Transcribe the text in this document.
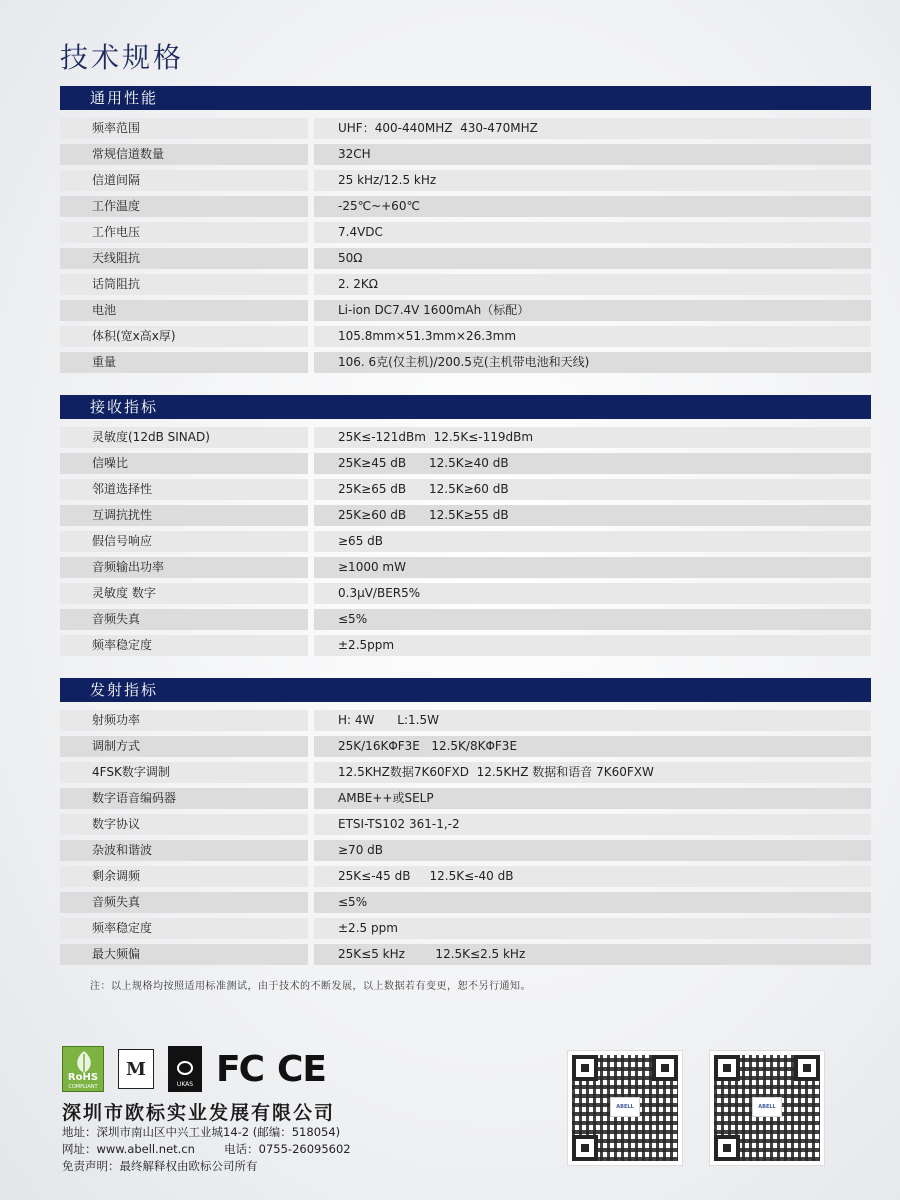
技术规格
通用性能
频率范围	UHF：400-440MHZ  430-470MHZ
常规信道数量	32CH
信道间隔	25 kHz/12.5 kHz
工作温度	-25℃~+60℃
工作电压	7.4VDC
天线阻抗	50Ω
话筒阻抗	2. 2KΩ
电池	Li-ion DC7.4V 1600mAh（标配）
体积(宽x高x厚)	105.8mm×51.3mm×26.3mm
重量	106. 6克(仅主机)/200.5克(主机带电池和天线)
接收指标
灵敏度(12dB SINAD)	25K≤-121dBm  12.5K≤-119dBm
信噪比	25K≥45 dB      12.5K≥40 dB
邻道选择性	25K≥65 dB      12.5K≥60 dB
互调抗扰性	25K≥60 dB      12.5K≥55 dB
假信号响应	≥65 dB
音频输出功率	≥1000 mW
灵敏度 数字	0.3μV/BER5%
音频失真	≤5%
频率稳定度	±2.5ppm
发射指标
射频功率	H: 4W      L:1.5W
调制方式	25K/16KΦF3E   12.5K/8KΦF3E
4FSK数字调制	12.5KHZ数据7K60FXD  12.5KHZ 数据和语音 7K60FXW
数字语音编码器	AMBE++或SELP
数字协议	ETSI-TS102 361-1,-2
杂波和谐波	≥70 dB
剩余调频	25K≤-45 dB     12.5K≤-40 dB
音频失真	≤5%
频率稳定度	±2.5 ppm
最大频偏	25K≤5 kHz        12.5K≤2.5 kHz
注：以上规格均按照适用标准测试，由于技术的不断发展，以上数据若有变更，恕不另行通知。
RoHS
COMPLIANT
M
UKAS FC CE
深圳市欧标实业发展有限公司
地址：深圳市南山区中兴工业城14-2 (邮编：518054)
网址：www.abell.net.cn        电话：0755-26095602
免责声明：最终解释权由欧标公司所有
ABELL	ABELL
